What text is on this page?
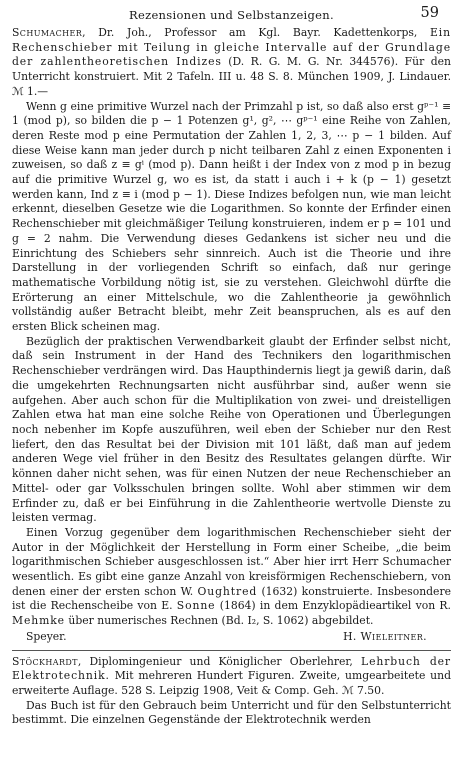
Rezensionen und Selbstanzeigen.	59

Schumacher, Dr. Joh., Professor am Kgl. Bayr. Kadettenkorps, Ein Rechenschieber mit Teilung in gleiche Intervalle auf der Grundlage der zahlentheoretischen Indizes (D. R. G. M. G. Nr. 344576). Für den Unterricht konstruiert. Mit 2 Tafeln. III u. 48 S. 8. München 1909, J. Lindauer. ℳ 1.—

Wenn g eine primitive Wurzel nach der Primzahl p ist, so daß also erst gᵖ⁻¹ ≡ 1 (mod p), so bilden die p − 1 Potenzen g¹, g², ⋯ gᵖ⁻¹ eine Reihe von Zahlen, deren Reste mod p eine Permutation der Zahlen 1, 2, 3, ⋯ p − 1 bilden. Auf diese Weise kann man jeder durch p nicht teilbaren Zahl z einen Exponenten i zuweisen, so daß z ≡ gⁱ (mod p). Dann heißt i der Index von z mod p in bezug auf die primitive Wurzel g, wo es ist, da statt i auch i + k (p − 1) gesetzt werden kann, Ind z ≡ i (mod p − 1). Diese Indizes befolgen nun, wie man leicht erkennt, dieselben Gesetze wie die Logarithmen. So konnte der Erfinder einen Rechenschieber mit gleichmäßiger Teilung konstruieren, indem er p = 101 und g = 2 nahm. Die Verwendung dieses Gedankens ist sicher neu und die Einrichtung des Schiebers sehr sinnreich. Auch ist die Theorie und ihre Darstellung in der vorliegenden Schrift so einfach, daß nur geringe mathematische Vorbildung nötig ist, sie zu verstehen. Gleichwohl dürfte die Erörterung an einer Mittelschule, wo die Zahlentheorie ja gewöhnlich vollständig außer Betracht bleibt, mehr Zeit beanspruchen, als es auf den ersten Blick scheinen mag.

Bezüglich der praktischen Verwendbarkeit glaubt der Erfinder selbst nicht, daß sein Instrument in der Hand des Technikers den logarithmischen Rechenschieber verdrängen wird. Das Haupthindernis liegt ja gewiß darin, daß die umgekehrten Rechnungsarten nicht ausführbar sind, außer wenn sie aufgehen. Aber auch schon für die Multiplikation von zwei- und dreistelligen Zahlen etwa hat man eine solche Reihe von Operationen und Überlegungen noch nebenher im Kopfe auszuführen, weil eben der Schieber nur den Rest liefert, den das Resultat bei der Division mit 101 läßt, daß man auf jedem anderen Wege viel früher in den Besitz des Resultates gelangen dürfte. Wir können daher nicht sehen, was für einen Nutzen der neue Rechenschieber an Mittel- oder gar Volksschulen bringen sollte. Wohl aber stimmen wir dem Erfinder zu, daß er bei Einführung in die Zahlentheorie wertvolle Dienste zu leisten vermag.

Einen Vorzug gegenüber dem logarithmischen Rechenschieber sieht der Autor in der Möglichkeit der Herstellung in Form einer Scheibe, „die beim logarithmischen Schieber ausgeschlossen ist.“ Aber hier irrt Herr Schumacher wesentlich. Es gibt eine ganze Anzahl von kreisförmigen Rechenschiebern, von denen einer der ersten schon W. Oughtred (1632) konstruierte. Insbesondere ist die Rechenscheibe von E. Sonne (1864) in dem Enzyklopädieartikel von R. Mehmke über numerisches Rechnen (Bd. I₂, S. 1062) abgebildet.

Speyer.	H. Wieleitner.

Stöckhardt, Diplomingenieur und Königlicher Oberlehrer, Lehrbuch der Elektrotechnik. Mit mehreren Hundert Figuren. Zweite, umgearbeitete und erweiterte Auflage. 528 S. Leipzig 1908, Veit & Comp. Geh. ℳ 7.50.

Das Buch ist für den Gebrauch beim Unterricht und für den Selbstunterricht bestimmt. Die einzelnen Gegenstände der Elektrotechnik werden
